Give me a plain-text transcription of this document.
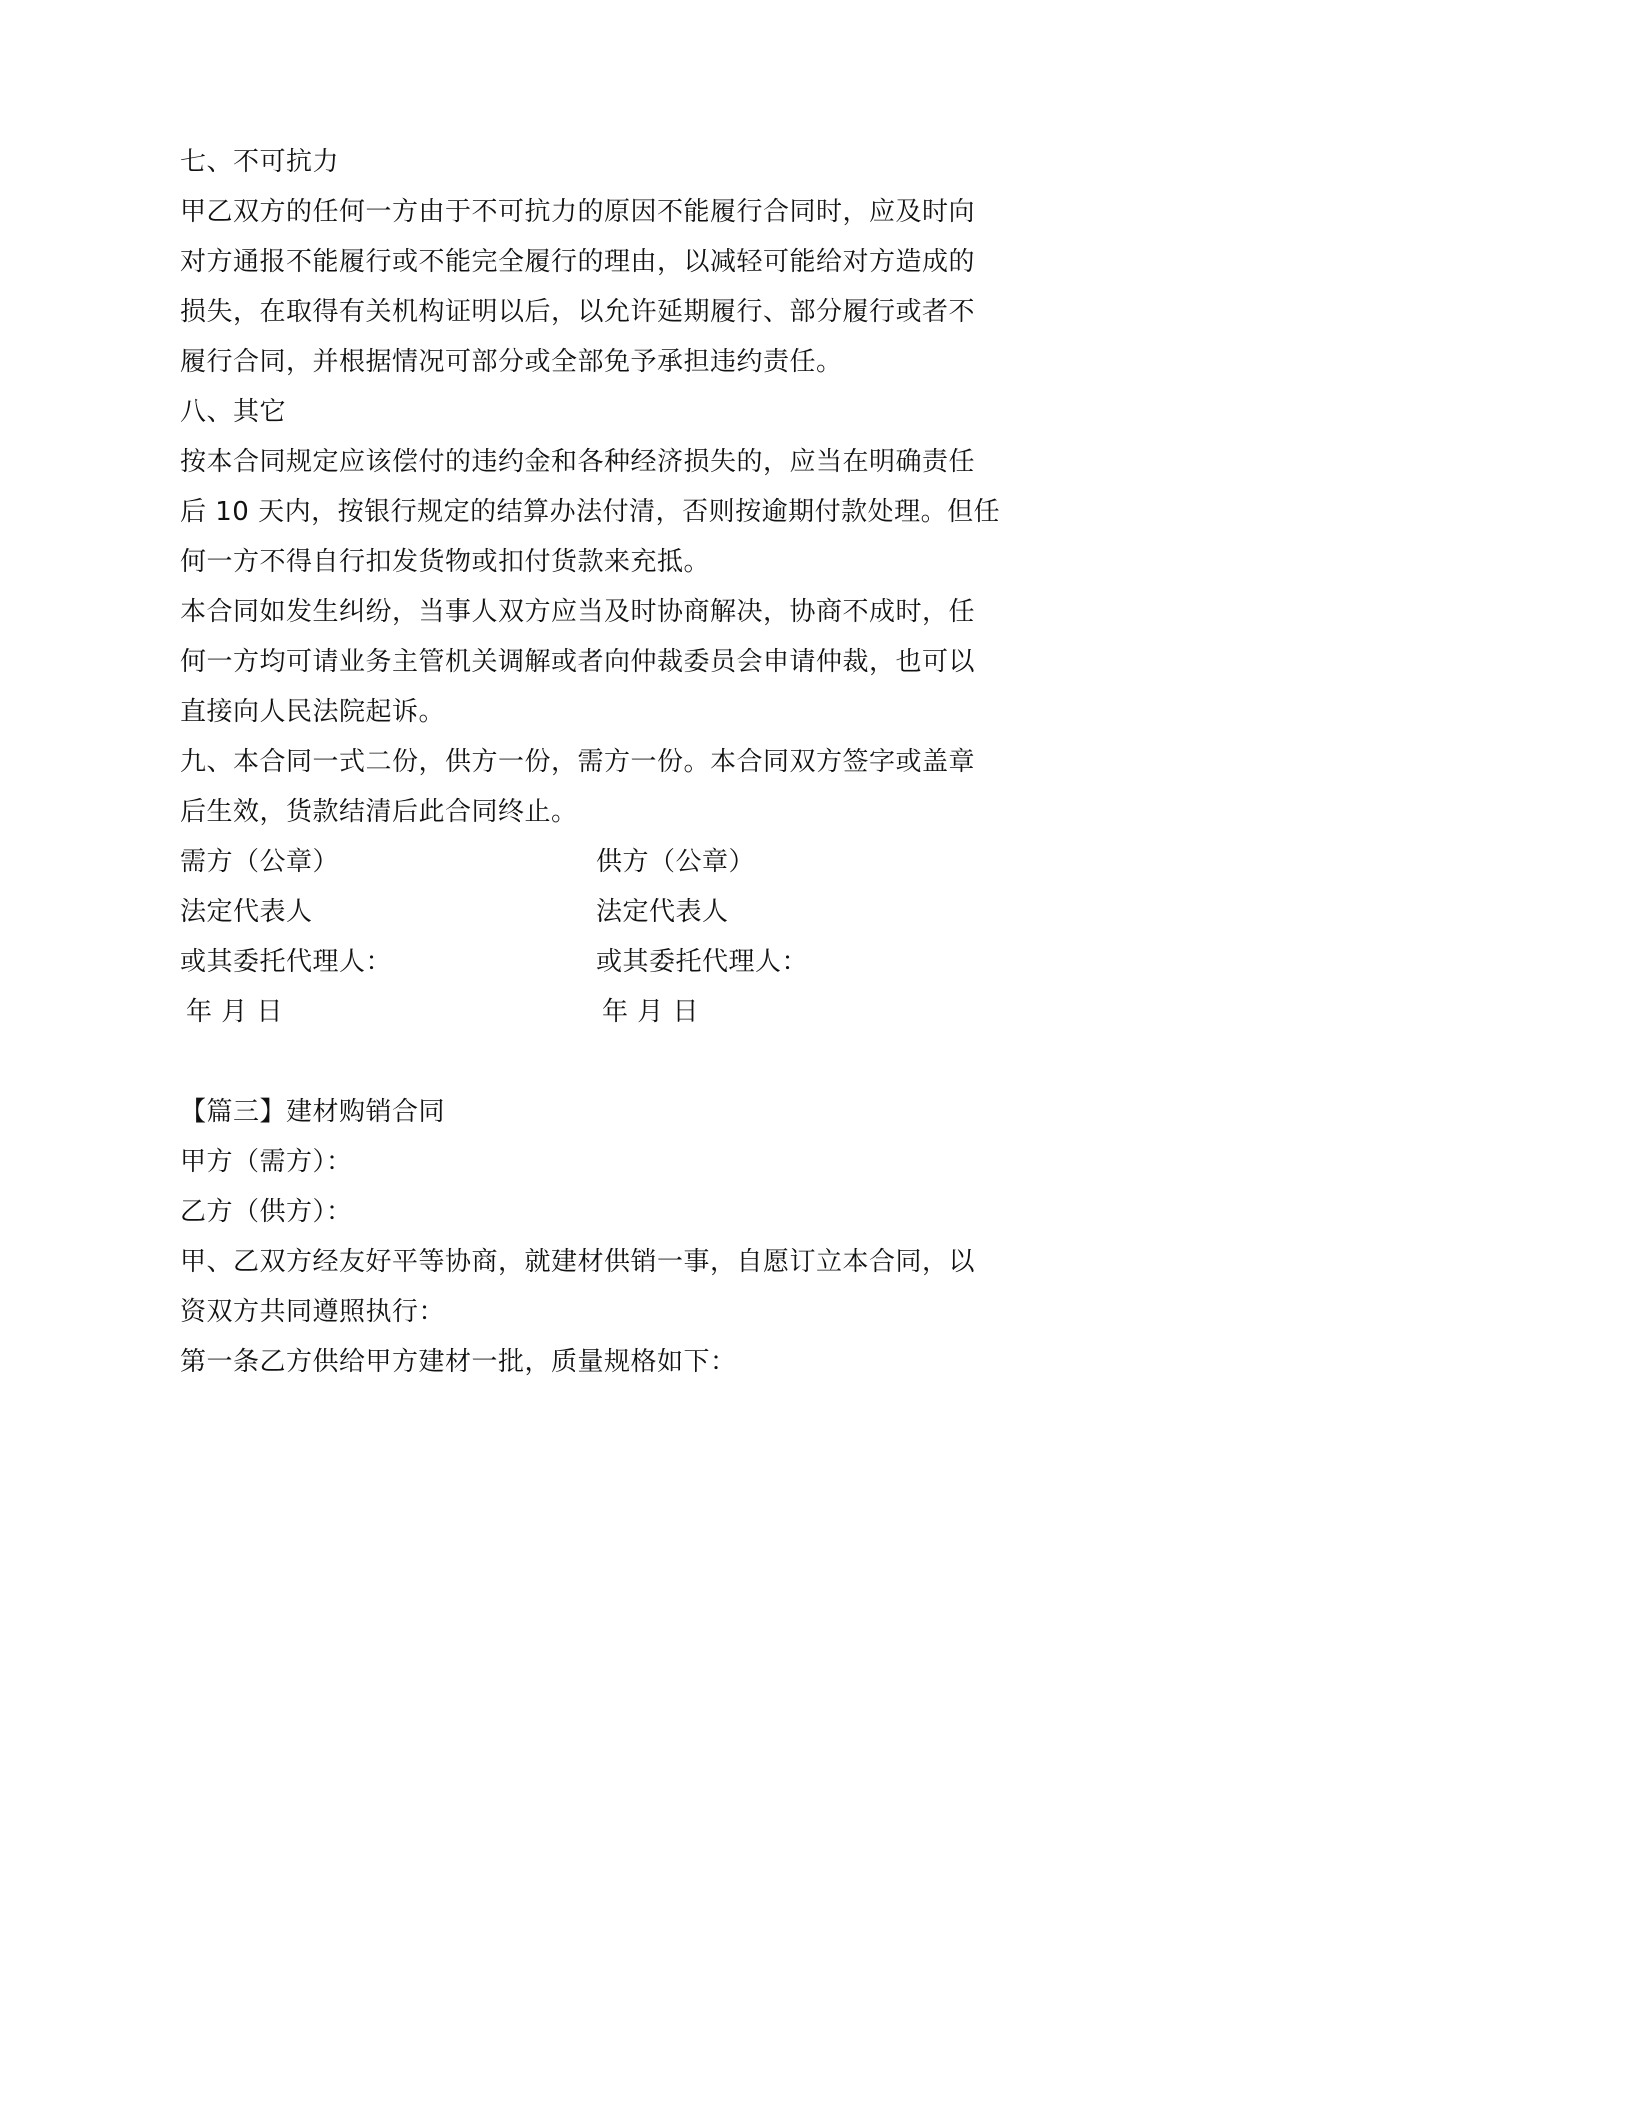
七、不可抗力
甲乙双方的任何一方由于不可抗力的原因不能履行合同时，应及时向
对方通报不能履行或不能完全履行的理由，以减轻可能给对方造成的
损失，在取得有关机构证明以后，以允许延期履行、部分履行或者不
履行合同，并根据情况可部分或全部免予承担违约责任。
八、其它
按本合同规定应该偿付的违约金和各种经济损失的，应当在明确责任
后 10 天内，按银行规定的结算办法付清，否则按逾期付款处理。但任
何一方不得自行扣发货物或扣付货款来充抵。
本合同如发生纠纷，当事人双方应当及时协商解决，协商不成时，任
何一方均可请业务主管机关调解或者向仲裁委员会申请仲裁，也可以
直接向人民法院起诉。
九、本合同一式二份，供方一份，需方一份。本合同双方签字或盖章
后生效，货款结清后此合同终止。
需方（公章）	供方（公章）
法定代表人	法定代表人
或其委托代理人：	或其委托代理人：
年 月 日	年 月 日
【篇三】建材购销合同
甲方（需方）：
乙方（供方）：
甲、乙双方经友好平等协商，就建材供销一事，自愿订立本合同，以
资双方共同遵照执行：
第一条乙方供给甲方建材一批，质量规格如下：
